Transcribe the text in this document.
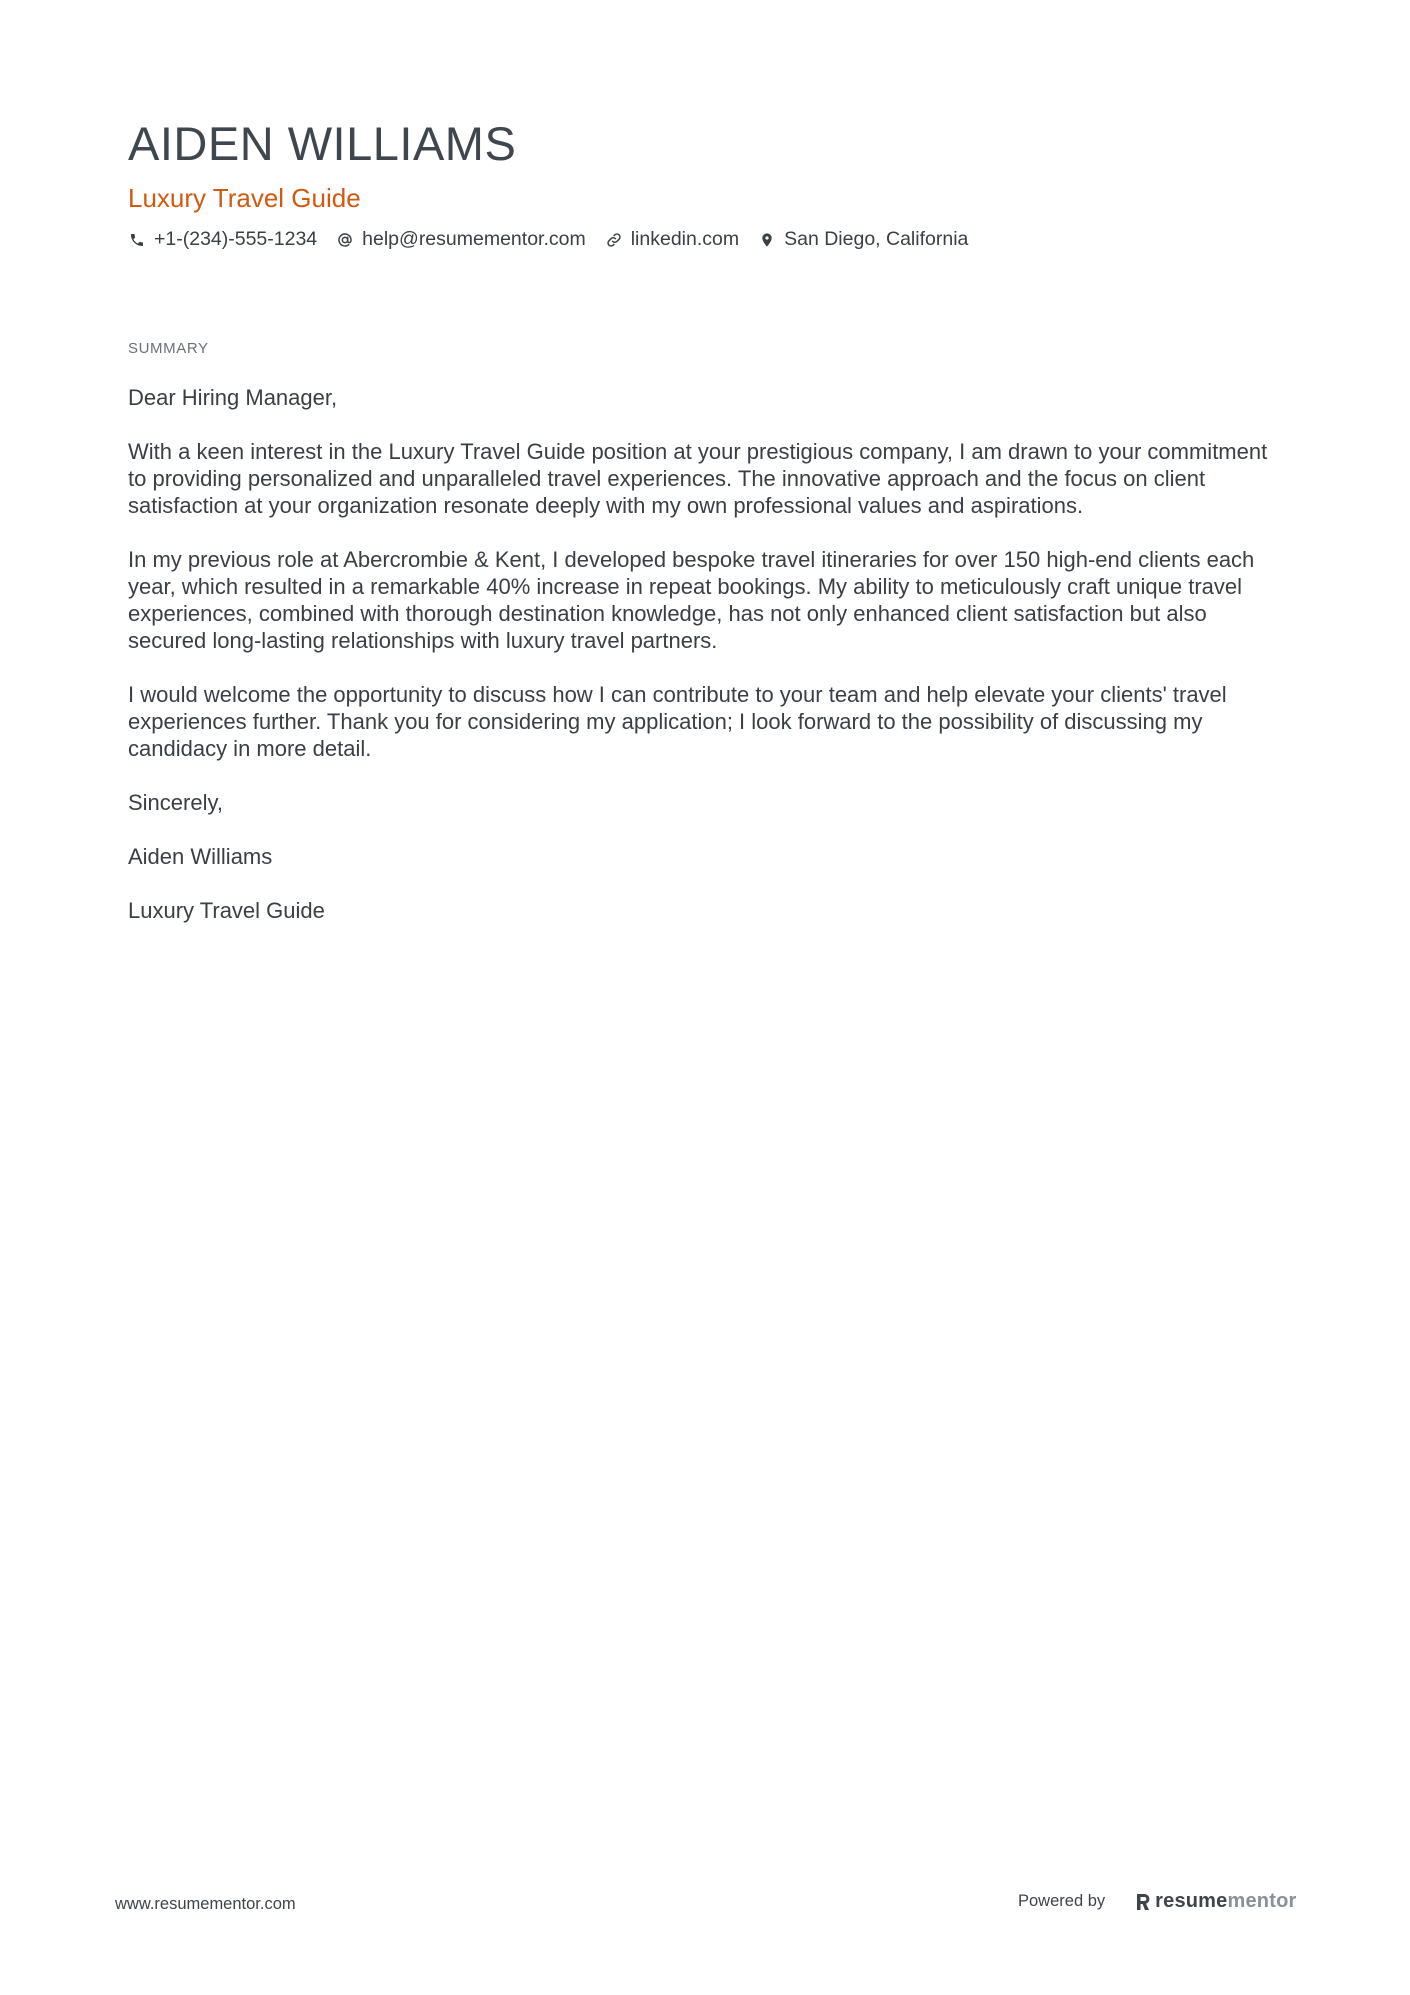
AIDEN WILLIAMS
Luxury Travel Guide
+1-(234)-555-1234 help@resumementor.com linkedin.com San Diego, California
SUMMARY

Dear Hiring Manager,

With a keen interest in the Luxury Travel Guide position at your prestigious company, I am drawn to your commitment to providing personalized and unparalleled travel experiences. The innovative approach and the focus on client satisfaction at your organization resonate deeply with my own professional values and aspirations.

In my previous role at Abercrombie & Kent, I developed bespoke travel itineraries for over 150 high-end clients each year, which resulted in a remarkable 40% increase in repeat bookings. My ability to meticulously craft unique travel experiences, combined with thorough destination knowledge, has not only enhanced client satisfaction but also secured long-lasting relationships with luxury travel partners.

I would welcome the opportunity to discuss how I can contribute to your team and help elevate your clients' travel experiences further. Thank you for considering my application; I look forward to the possibility of discussing my candidacy in more detail.

Sincerely,

Aiden Williams

Luxury Travel Guide

www.resumementor.com	Powered by	resume mentor
